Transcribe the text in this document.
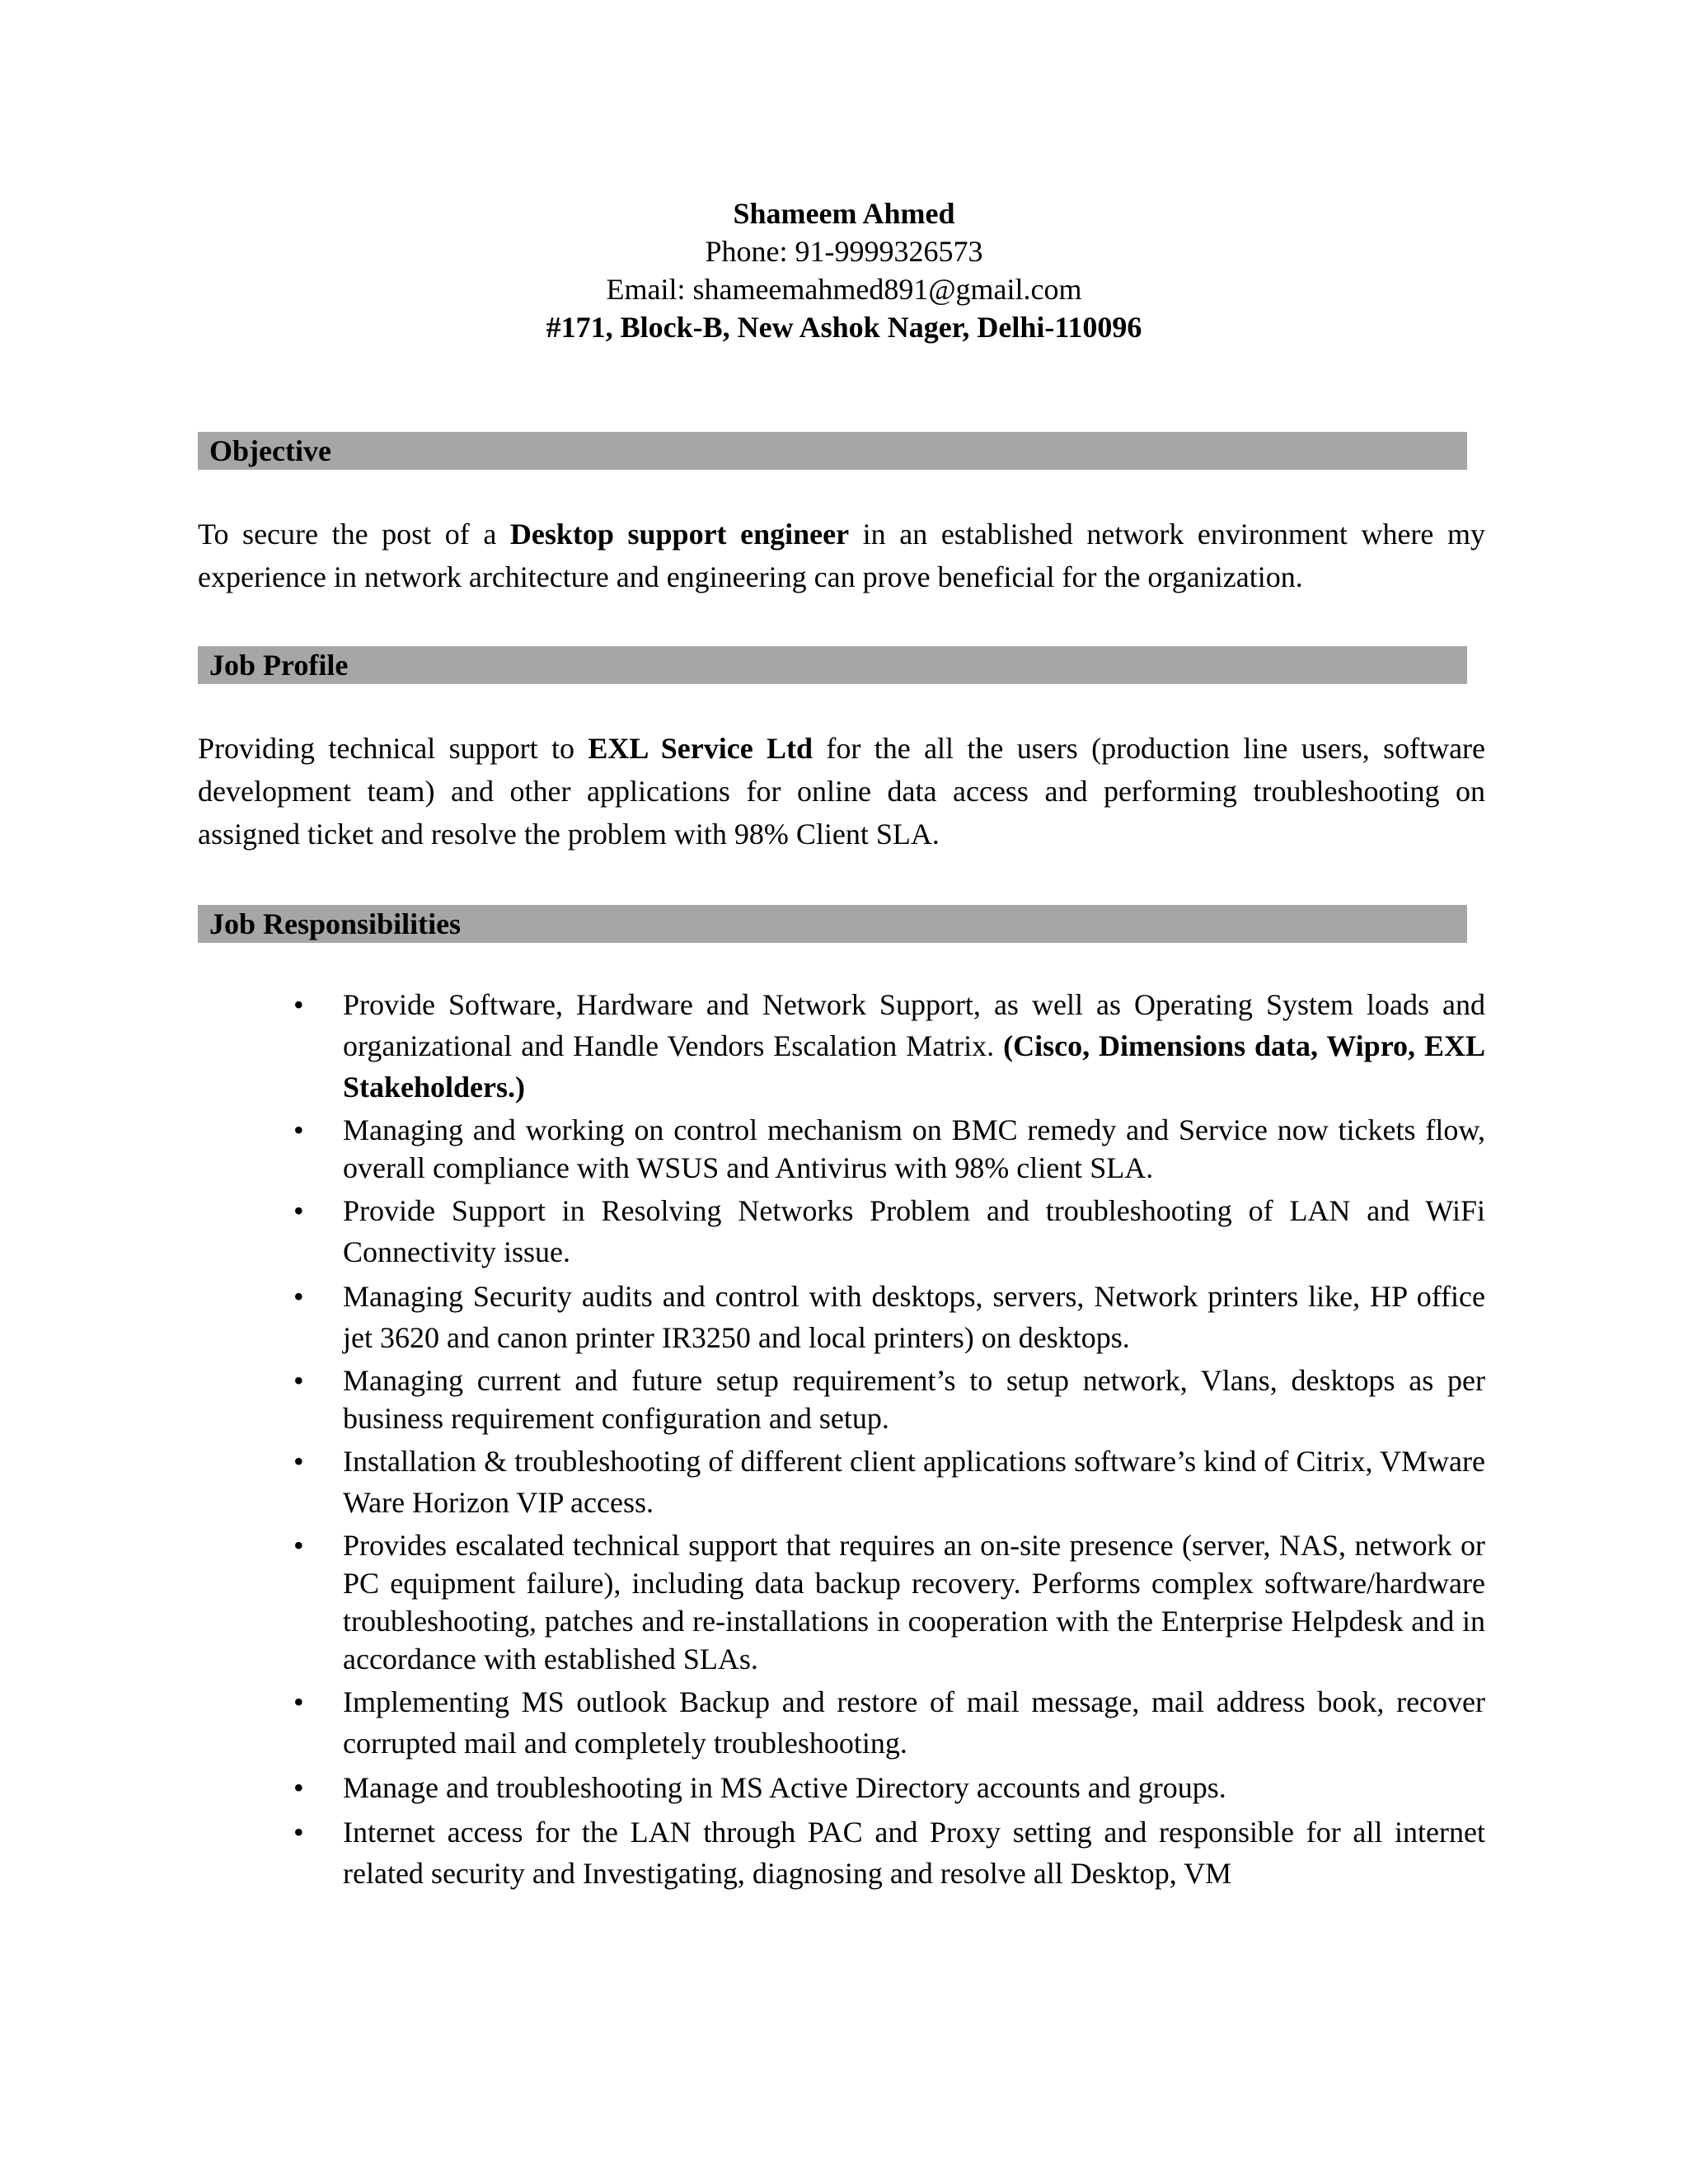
Shameem Ahmed
Phone: 91-9999326573
Email: shameemahmed891@gmail.com
#171, Block-B, New Ashok Nager, Delhi-110096
Objective
To secure the post of a Desktop support engineer in an established network environment where my experience in network architecture and engineering can prove beneficial for the organization.
Job Profile
Providing technical support to EXL Service Ltd for the all the users (production line users, software development team) and other applications for online data access and performing troubleshooting on assigned ticket and resolve the problem with 98% Client SLA.
Job Responsibilities
• Provide Software, Hardware and Network Support, as well as Operating System loads and organizational and Handle Vendors Escalation Matrix. (Cisco, Dimensions data, Wipro, EXL Stakeholders.)
• Managing and working on control mechanism on BMC remedy and Service now tickets flow, overall compliance with WSUS and Antivirus with 98% client SLA.
• Provide Support in Resolving Networks Problem and troubleshooting of LAN and WiFi Connectivity issue.
• Managing Security audits and control with desktops, servers, Network printers like, HP office jet 3620 and canon printer IR3250 and local printers) on desktops.
• Managing current and future setup requirement’s to setup network, Vlans, desktops as per business requirement configuration and setup.
• Installation & troubleshooting of different client applications software’s kind of Citrix, VMware Ware Horizon VIP access.
• Provides escalated technical support that requires an on-site presence (server, NAS, network or PC equipment failure), including data backup recovery. Performs complex software/hardware troubleshooting, patches and re-installations in cooperation with the Enterprise Helpdesk and in accordance with established SLAs.
• Implementing MS outlook Backup and restore of mail message, mail address book, recover corrupted mail and completely troubleshooting.
• Manage and troubleshooting in MS Active Directory accounts and groups.
• Internet access for the LAN through PAC and Proxy setting and responsible for all internet related security and Investigating, diagnosing and resolve all Desktop, VM
